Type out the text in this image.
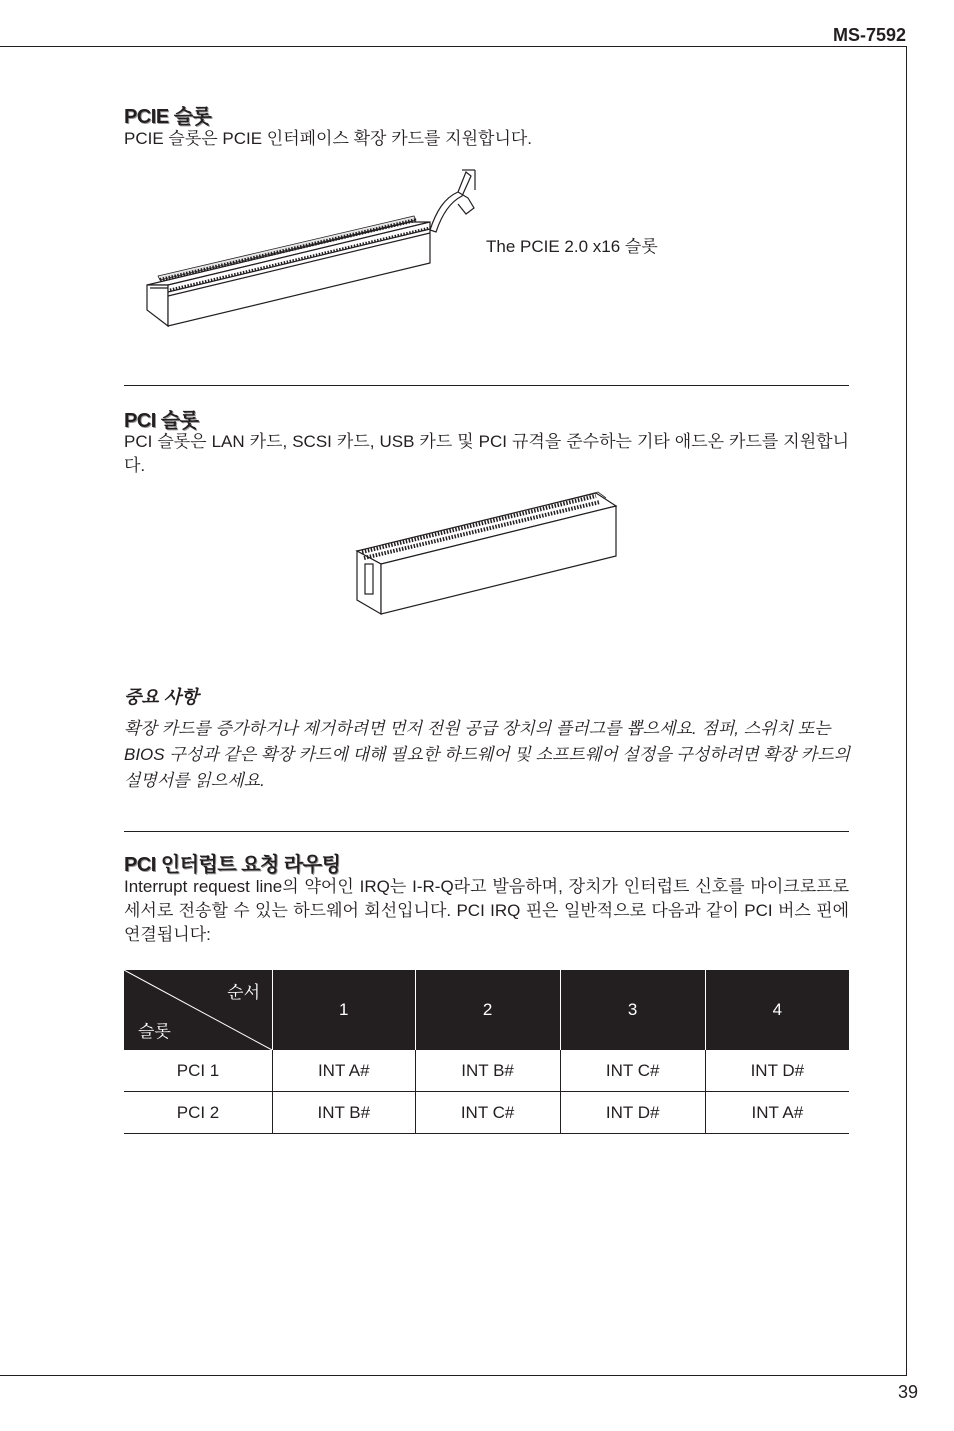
MS-7592
PCIE 슬롯
PCIE 슬롯은 PCIE 인터페이스 확장 카드를 지원합니다.
The PCIE 2.0 x16 슬롯
PCI 슬롯
PCI 슬롯은 LAN 카드, SCSI 카드, USB 카드 및 PCI 규격을 준수하는 기타 애드온 카드를 지원합니다.
중요 사항
확장 카드를 증가하거나 제거하려면 먼저 전원 공급 장치의 플러그를 뽑으세요. 점퍼, 스위치 또는 BIOS 구성과 같은 확장 카드에 대해 필요한 하드웨어 및 소프트웨어 설정을 구성하려면 확장 카드의 설명서를 읽으세요.
PCI 인터럽트 요청 라우팅
Interrupt request line의 약어인 IRQ는 I-R-Q라고 발음하며, 장치가 인터럽트 신호를 마이크로프로세서로 전송할 수 있는 하드웨어 회선입니다. PCI IRQ 핀은 일반적으로 다음과 같이 PCI 버스 핀에 연결됩니다:
순서
슬롯	1	2	3	4
PCI 1	INT A#	INT B#	INT C#	INT D#
PCI 2	INT B#	INT C#	INT D#	INT A#
39
